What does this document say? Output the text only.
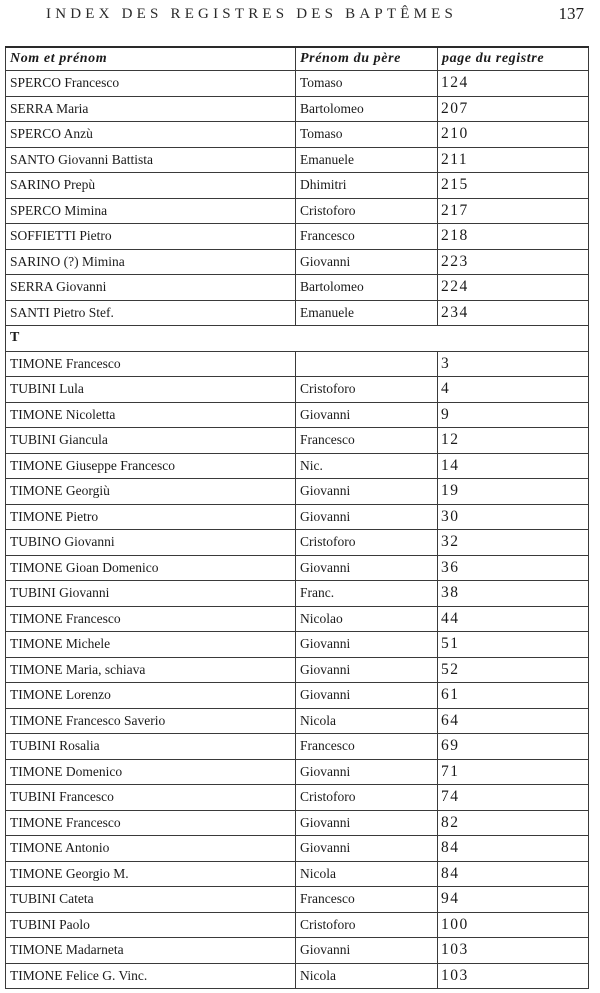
INDEX DES REGISTRES DES BAPTÊMES	137
Nom et prénom	Prénom du père	page du registre
SPERCO Francesco	Tomaso	124
SERRA Maria	Bartolomeo	207
SPERCO Anzù	Tomaso	210
SANTO Giovanni Battista	Emanuele	211
SARINO Prepù	Dhimitri	215
SPERCO Mimina	Cristoforo	217
SOFFIETTI Pietro	Francesco	218
SARINO (?) Mimina	Giovanni	223
SERRA Giovanni	Bartolomeo	224
SANTI Pietro Stef.	Emanuele	234
T		
TIMONE Francesco		3
TUBINI Lula	Cristoforo	4
TIMONE Nicoletta	Giovanni	9
TUBINI Giancula	Francesco	12
TIMONE Giuseppe Francesco	Nic.	14
TIMONE Georgiù	Giovanni	19
TIMONE Pietro	Giovanni	30
TUBINO Giovanni	Cristoforo	32
TIMONE Gioan Domenico	Giovanni	36
TUBINI Giovanni	Franc.	38
TIMONE Francesco	Nicolao	44
TIMONE Michele	Giovanni	51
TIMONE Maria, schiava	Giovanni	52
TIMONE Lorenzo	Giovanni	61
TIMONE Francesco Saverio	Nicola	64
TUBINI Rosalia	Francesco	69
TIMONE Domenico	Giovanni	71
TUBINI Francesco	Cristoforo	74
TIMONE Francesco	Giovanni	82
TIMONE Antonio	Giovanni	84
TIMONE Georgio M.	Nicola	84
TUBINI Cateta	Francesco	94
TUBINI Paolo	Cristoforo	100
TIMONE Madarneta	Giovanni	103
TIMONE Felice G. Vinc.	Nicola	103
